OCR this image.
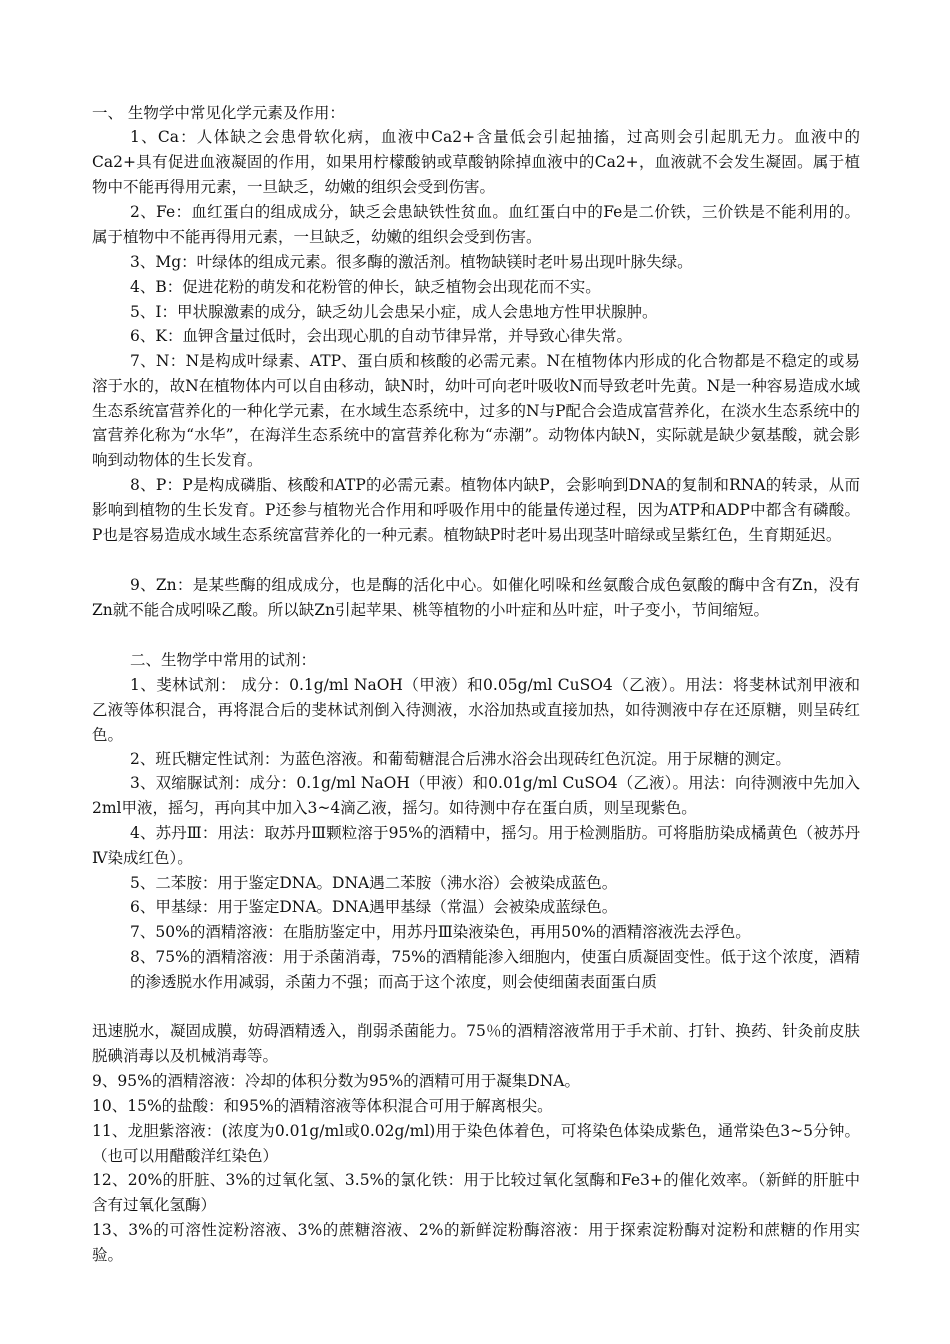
一、 生物学中常见化学元素及作用：
1、Ca：人体缺之会患骨软化病，血液中Ca2+含量低会引起抽搐，过高则会引起肌无力。血液中的Ca2+具有促进血液凝固的作用，如果用柠檬酸钠或草酸钠除掉血液中的Ca2+，血液就不会发生凝固。属于植物中不能再得用元素，一旦缺乏，幼嫩的组织会受到伤害。
2、Fe：血红蛋白的组成成分，缺乏会患缺铁性贫血。血红蛋白中的Fe是二价铁，三价铁是不能利用的。属于植物中不能再得用元素，一旦缺乏，幼嫩的组织会受到伤害。
3、Mg：叶绿体的组成元素。很多酶的激活剂。植物缺镁时老叶易出现叶脉失绿。
4、B：促进花粉的萌发和花粉管的伸长，缺乏植物会出现花而不实。
5、I：甲状腺激素的成分，缺乏幼儿会患呆小症，成人会患地方性甲状腺肿。
6、K：血钾含量过低时，会出现心肌的自动节律异常，并导致心律失常。
7、N：N是构成叶绿素、ATP、蛋白质和核酸的必需元素。N在植物体内形成的化合物都是不稳定的或易溶于水的，故N在植物体内可以自由移动，缺N时，幼叶可向老叶吸收N而导致老叶先黄。N是一种容易造成水域生态系统富营养化的一种化学元素，在水域生态系统中，过多的N与P配合会造成富营养化，在淡水生态系统中的富营养化称为“水华”，在海洋生态系统中的富营养化称为“赤潮”。动物体内缺N，实际就是缺少氨基酸，就会影响到动物体的生长发育。
8、P：P是构成磷脂、核酸和ATP的必需元素。植物体内缺P，会影响到DNA的复制和RNA的转录，从而影响到植物的生长发育。P还参与植物光合作用和呼吸作用中的能量传递过程，因为ATP和ADP中都含有磷酸。P也是容易造成水域生态系统富营养化的一种元素。植物缺P时老叶易出现茎叶暗绿或呈紫红色，生育期延迟。
9、Zn：是某些酶的组成成分，也是酶的活化中心。如催化吲哚和丝氨酸合成色氨酸的酶中含有Zn，没有Zn就不能合成吲哚乙酸。所以缺Zn引起苹果、桃等植物的小叶症和丛叶症，叶子变小，节间缩短。
二、生物学中常用的试剂：
1、斐林试剂： 成分：0.1g/ml NaOH（甲液）和0.05g/ml CuSO4（乙液）。用法：将斐林试剂甲液和乙液等体积混合，再将混合后的斐林试剂倒入待测液，水浴加热或直接加热，如待测液中存在还原糖，则呈砖红色。
2、班氏糖定性试剂：为蓝色溶液。和葡萄糖混合后沸水浴会出现砖红色沉淀。用于尿糖的测定。
3、双缩脲试剂：成分：0.1g/ml NaOH（甲液）和0.01g/ml CuSO4（乙液）。用法：向待测液中先加入2ml甲液，摇匀，再向其中加入3~4滴乙液，摇匀。如待测中存在蛋白质，则呈现紫色。
4、苏丹Ⅲ：用法：取苏丹Ⅲ颗粒溶于95%的酒精中，摇匀。用于检测脂肪。可将脂肪染成橘黄色（被苏丹Ⅳ染成红色）。
5、二苯胺：用于鉴定DNA。DNA遇二苯胺（沸水浴）会被染成蓝色。
6、甲基绿：用于鉴定DNA。DNA遇甲基绿（常温）会被染成蓝绿色。
7、50%的酒精溶液：在脂肪鉴定中，用苏丹Ⅲ染液染色，再用50%的酒精溶液洗去浮色。
8、75%的酒精溶液：用于杀菌消毒，75%的酒精能渗入细胞内，使蛋白质凝固变性。低于这个浓度，酒精的渗透脱水作用减弱，杀菌力不强；而高于这个浓度，则会使细菌表面蛋白质
迅速脱水，凝固成膜，妨碍酒精透入，削弱杀菌能力。75％的酒精溶液常用于手术前、打针、换药、针灸前皮肤脱碘消毒以及机械消毒等。
9、95%的酒精溶液：冷却的体积分数为95%的酒精可用于凝集DNA。
10、15%的盐酸：和95%的酒精溶液等体积混合可用于解离根尖。
11、龙胆紫溶液：(浓度为0.01g/ml或0.02g/ml)用于染色体着色，可将染色体染成紫色，通常染色3~5分钟。（也可以用醋酸洋红染色）
12、20%的肝脏、3%的过氧化氢、3.5%的氯化铁：用于比较过氧化氢酶和Fe3+的催化效率。（新鲜的肝脏中含有过氧化氢酶）
13、3%的可溶性淀粉溶液、3%的蔗糖溶液、2%的新鲜淀粉酶溶液：用于探索淀粉酶对淀粉和蔗糖的作用实验。
